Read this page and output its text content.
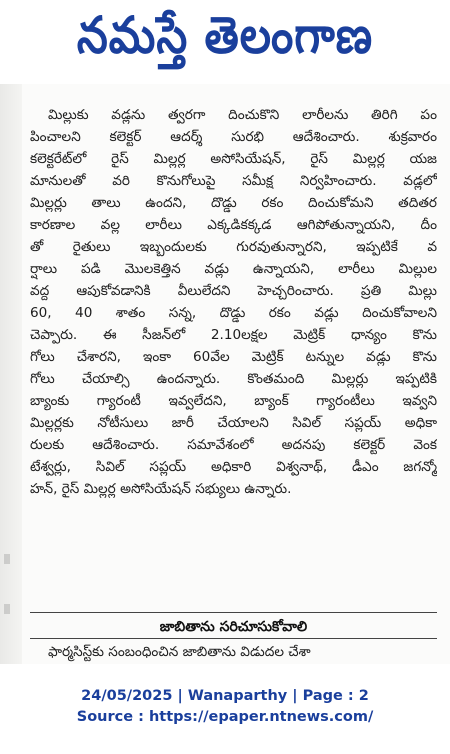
నమస్తే తెలంగాణ
మిల్లుకు వడ్లను త్వరగా దించుకొని లారీలను తిరిగి పం
పించాలని కలెక్టర్ ఆదర్శ్ సురభి ఆదేశించారు. శుక్రవారం
కలెక్టరేట్‌లో రైస్ మిల్లర్ల అసోసియేషన్, రైస్ మిల్లర్ల యజ
మానులతో వరి కొనుగోలుపై సమీక్ష నిర్వహించారు. వడ్లలో
మిల్లర్లు తాలు ఉందని, దొడ్డు రకం దించుకోమని తదితర
కారణాల వల్ల లారీలు ఎక్కడికక్కడ ఆగిపోతున్నాయని, దీం
తో రైతులు ఇబ్బందులకు గురవుతున్నారని, ఇప్పటికే వ
ర్షాలు పడి మొలకెత్తిన వడ్లు ఉన్నాయని, లారీలు మిల్లుల
వద్ద ఆపుకోవడానికి వీలులేదని హెచ్చరించారు. ప్రతి మిల్లు
60, 40 శాతం సన్న, దొడ్డు రకం వడ్లు దించుకోవాలని
చెప్పారు. ఈ సీజన్‌లో 2.10లక్షల మెట్రిక్ ధాన్యం కొను
గోలు చేశారని, ఇంకా 60వేల మెట్రిక్ టన్నుల వడ్లు కొను
గోలు చేయాల్సి ఉందన్నారు. కొంతమంది మిల్లర్లు ఇప్పటికి
బ్యాంకు గ్యారంటీ ఇవ్వలేదని, బ్యాంక్ గ్యారంటీలు ఇవ్వని
మిల్లర్లకు నోటీసులు జారీ చేయాలని సివిల్ సప్లయ్ అధికా
రులకు ఆదేశించారు. సమావేశంలో అదనపు కలెక్టర్ వెంక
టేశ్వర్లు, సివిల్ సప్లయ్ అధికారి విశ్వనాథ్, డీఎం జగన్మో
హన్, రైస్ మిల్లర్ల అసోసియేషన్ సభ్యులు ఉన్నారు.
జాబితాను సరిచూసుకోవాలి
ఫార్మసిస్ట్‌కు సంబంధించిన జాబితాను విడుదల చేశా
24/05/2025 | Wanaparthy | Page : 2
Source : https://epaper.ntnews.com/
